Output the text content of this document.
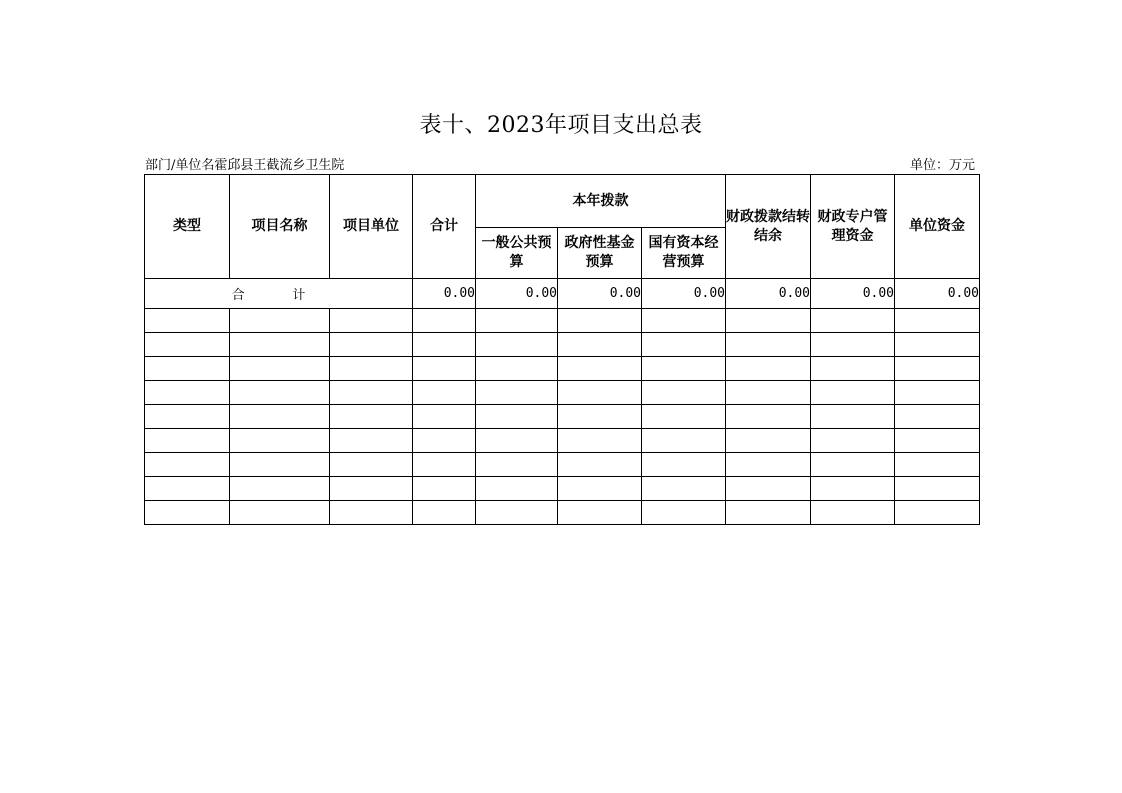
表十、2023年项目支出总表
部门/单位名霍邱县王截流乡卫生院	单位：万元
类型	项目名称	项目单位	合计	本年拨款			财政拨款结转结余	财政专户管理资金	单位资金
				一般公共预算	政府性基金预算	国有资本经营预算			
合 计			0.00	0.00	0.00	0.00	0.00	0.00	0.00
